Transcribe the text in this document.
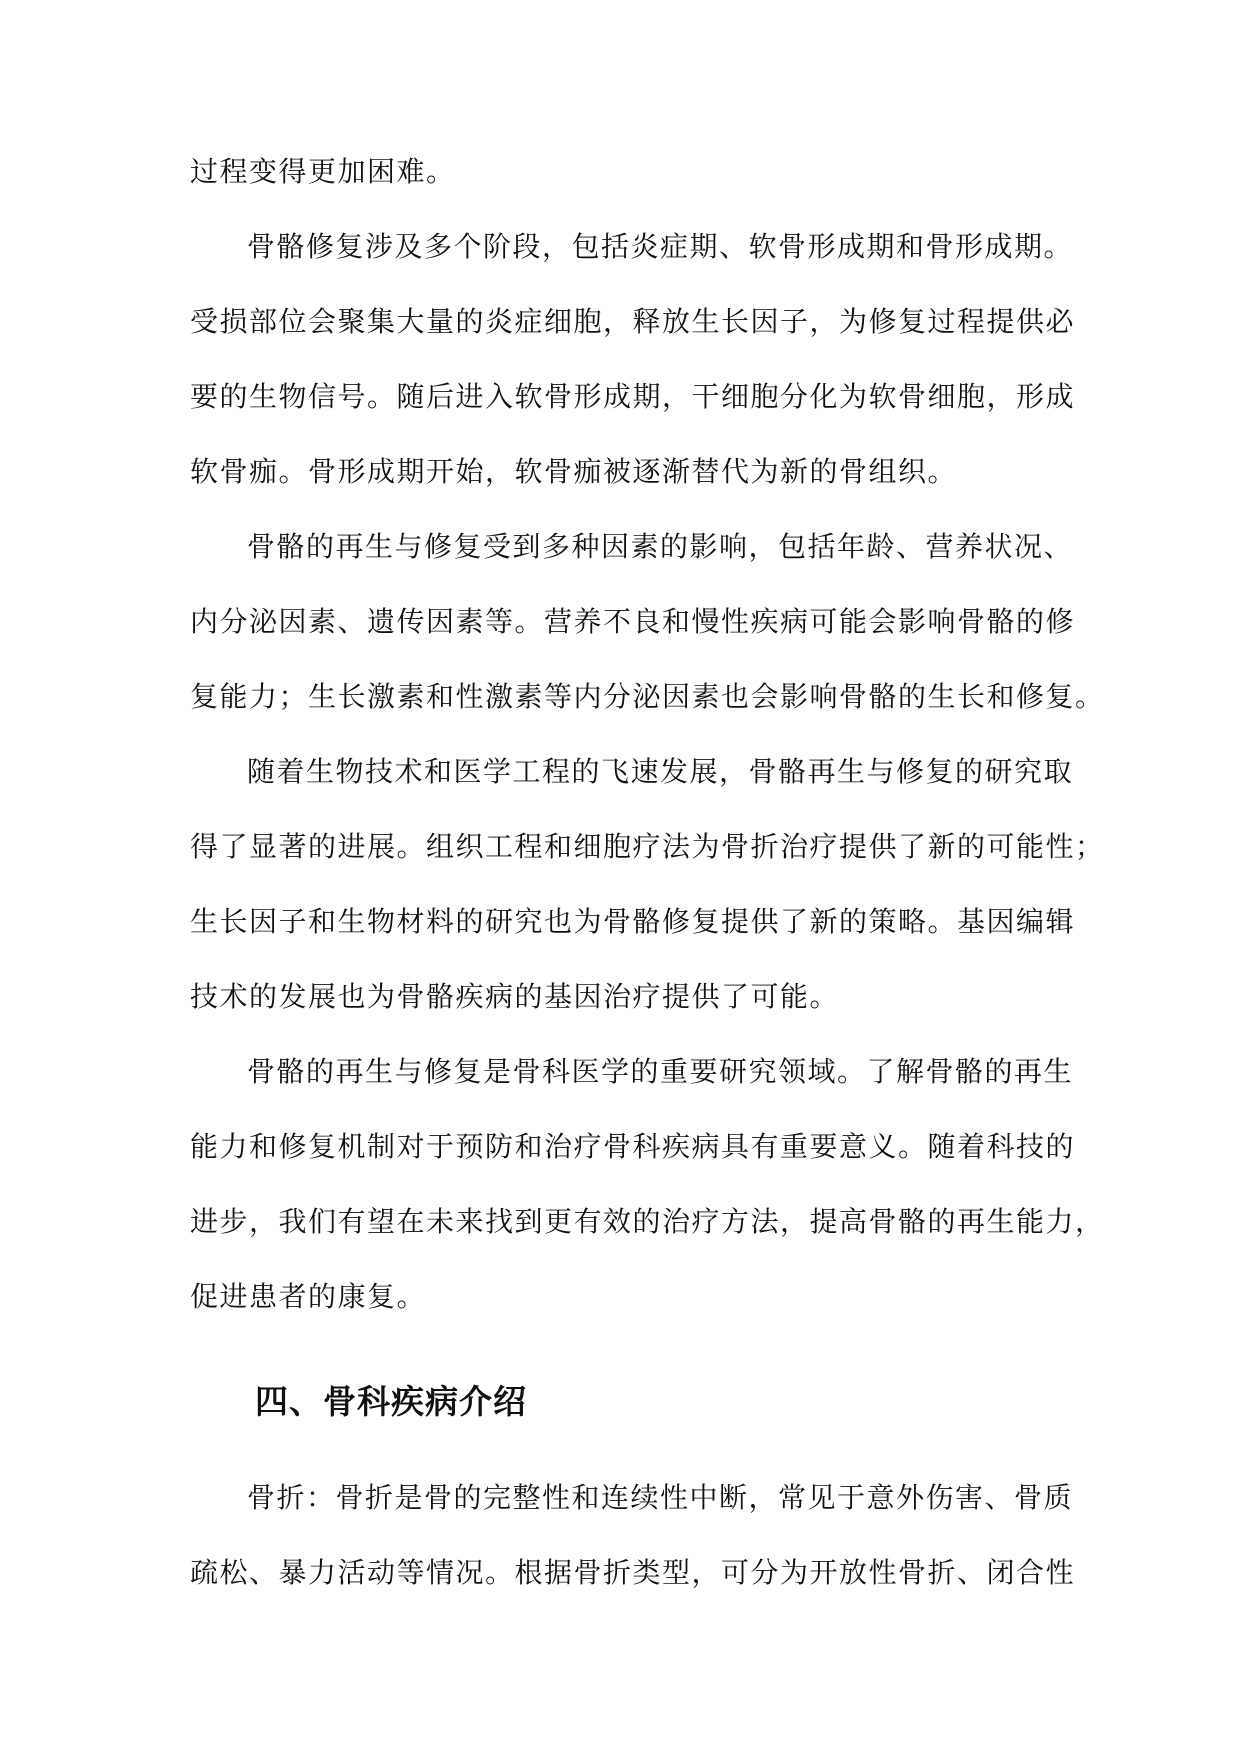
过程变得更加困难。
骨骼修复涉及多个阶段，包括炎症期、软骨形成期和骨形成期。
受损部位会聚集大量的炎症细胞，释放生长因子，为修复过程提供必
要的生物信号。随后进入软骨形成期，干细胞分化为软骨细胞，形成
软骨痂。骨形成期开始，软骨痂被逐渐替代为新的骨组织。
骨骼的再生与修复受到多种因素的影响，包括年龄、营养状况、
内分泌因素、遗传因素等。营养不良和慢性疾病可能会影响骨骼的修
复能力；生长激素和性激素等内分泌因素也会影响骨骼的生长和修复。
随着生物技术和医学工程的飞速发展，骨骼再生与修复的研究取
得了显著的进展。组织工程和细胞疗法为骨折治疗提供了新的可能性；
生长因子和生物材料的研究也为骨骼修复提供了新的策略。基因编辑
技术的发展也为骨骼疾病的基因治疗提供了可能。
骨骼的再生与修复是骨科医学的重要研究领域。了解骨骼的再生
能力和修复机制对于预防和治疗骨科疾病具有重要意义。随着科技的
进步，我们有望在未来找到更有效的治疗方法，提高骨骼的再生能力，
促进患者的康复。
四、骨科疾病介绍
骨折：骨折是骨的完整性和连续性中断，常见于意外伤害、骨质
疏松、暴力活动等情况。根据骨折类型，可分为开放性骨折、闭合性
